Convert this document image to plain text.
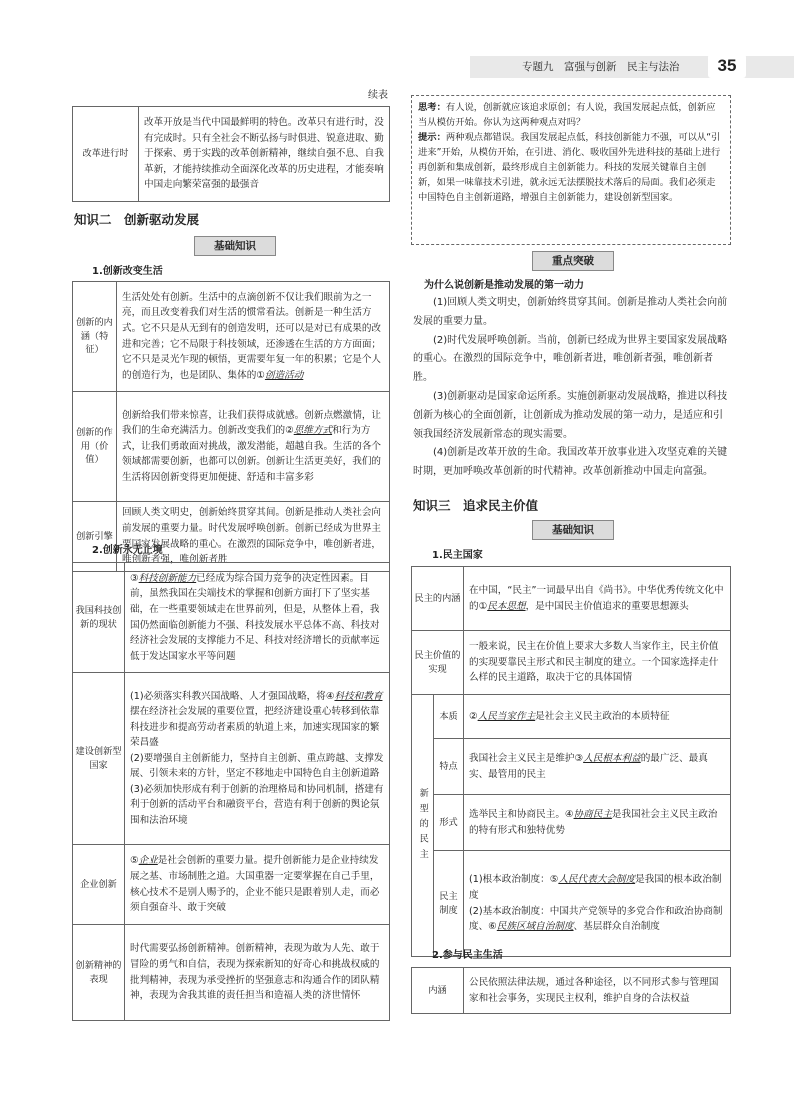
专题九　 富强与创新　民主与法治	35
续表
改革进行时	改革开放是当代中国最鲜明的特色。改革只有进行时，没有完成时。只有全社会不断弘扬与时俱进、锐意进取、勤于探索、勇于实践的改革创新精神，继续自强不息、自我革新，才能持续推动全面深化改革的历史进程，才能奏响中国走向繁荣富强的最强音
知识二　创新驱动发展
基础知识
1.创新改变生活
创新的内涵（特征）	生活处处有创新。生活中的点滴创新不仅让我们眼前为之一亮，而且改变着我们对生活的惯常看法。创新是一种生活方式。它不只是从无到有的创造发明，还可以是对已有成果的改进和完善；它不局限于科技领域，还渗透在生活的方方面面；它不只是灵光乍现的顿悟，更需要年复一年的积累；它是个人的创造行为，也是团队、集体的①创造活动
创新的作用（价值）	创新给我们带来惊喜，让我们获得成就感。创新点燃激情，让我们的生命充满活力。创新改变我们的②思维方式和行为方式，让我们勇敢面对挑战，激发潜能，超越自我。生活的各个领域都需要创新，也都可以创新。创新让生活更美好，我们的生活将因创新变得更加便捷、舒适和丰富多彩
创新引擎	回顾人类文明史，创新始终贯穿其间。创新是推动人类社会向前发展的重要力量。时代发展呼唤创新。创新已经成为世界主要国家发展战略的重心。在激烈的国际竞争中，唯创新者进，唯创新者强，唯创新者胜
2.创新永无止境
我国科技创新的现状	③科技创新能力已经成为综合国力竞争的决定性因素。目前，虽然我国在尖端技术的掌握和创新方面打下了坚实基础，在一些重要领域走在世界前列，但是，从整体上看，我国仍然面临创新能力不强、科技发展水平总体不高、科技对经济社会发展的支撑能力不足、科技对经济增长的贡献率远低于发达国家水平等问题
建设创新型国家	(1)必须落实科教兴国战略、人才强国战略，将④科技和教育摆在经济社会发展的重要位置，把经济建设重心转移到依靠科技进步和提高劳动者素质的轨道上来，加速实现国家的繁荣昌盛
(2)要增强自主创新能力，坚持自主创新、重点跨越、支撑发展、引领未来的方针，坚定不移地走中国特色自主创新道路
(3)必须加快形成有利于创新的治理格局和协同机制，搭建有利于创新的活动平台和融资平台，营造有利于创新的舆论氛围和法治环境

企业创新	⑤企业是社会创新的重要力量。提升创新能力是企业持续发展之基、市场制胜之道。大国重器一定要掌握在自己手里，核心技术不是别人赐予的，企业不能只是跟着别人走，而必须自强奋斗、敢于突破
创新精神的表现	时代需要弘扬创新精神。创新精神，表现为敢为人先、敢于冒险的勇气和自信，表现为探索新知的好奇心和挑战权威的批判精神，表现为承受挫折的坚强意志和沟通合作的团队精神，表现为舍我其谁的责任担当和造福人类的济世情怀
思考：有人说，创新就应该追求原创；有人说，我国发展起点低，创新应当从模仿开始。你认为这两种观点对吗？
提示：两种观点都错误。我国发展起点低，科技创新能力不强，可以从“引进来”开始，从模仿开始，在引进、消化、吸收国外先进科技的基础上进行再创新和集成创新，最终形成自主创新能力。科技的发展关键靠自主创新，如果一味靠技术引进，就永远无法摆脱技术落后的局面。我们必须走中国特色自主创新道路，增强自主创新能力，建设创新型国家。
重点突破
为什么说创新是推动发展的第一动力

(1)回顾人类文明史，创新始终贯穿其间。创新是推动人类社会向前发展的重要力量。

(2)时代发展呼唤创新。当前，创新已经成为世界主要国家发展战略的重心。在激烈的国际竞争中，唯创新者进，唯创新者强，唯创新者胜。

(3)创新驱动是国家命运所系。实施创新驱动发展战略，推进以科技创新为核心的全面创新，让创新成为推动发展的第一动力，是适应和引领我国经济发展新常态的现实需要。

(4)创新是改革开放的生命。我国改革开放事业进入攻坚克难的关键时期，更加呼唤改革创新的时代精神。改革创新推动中国走向富强。

知识三　追求民主价值
基础知识
1.民主国家
民主的内涵		在中国，“民主”一词最早出自《尚书》。中华优秀传统文化中的①民本思想，是中国民主价值追求的重要思想源头
民主价值的实现		一般来说，民主在价值上要求大多数人当家作主，民主价值的实现要靠民主形式和民主制度的建立。一个国家选择走什么样的民主道路，取决于它的具体国情
新型的民主	本质	②人民当家作主是社会主义民主政治的本质特征
	特点	我国社会主义民主是维护③人民根本利益的最广泛、最真实、最管用的民主
	形式	选举民主和协商民主。④协商民主是我国社会主义民主政治的特有形式和独特优势
	民主制度	(1)根本政治制度：⑤人民代表大会制度是我国的根本政治制度
(2)基本政治制度：中国共产党领导的多党合作和政治协商制度、⑥民族区域自治制度、基层群众自治制度
2.参与民主生活
内涵	公民依照法律法规，通过各种途径，以不同形式参与管理国家和社会事务，实现民主权利，维护自身的合法权益
